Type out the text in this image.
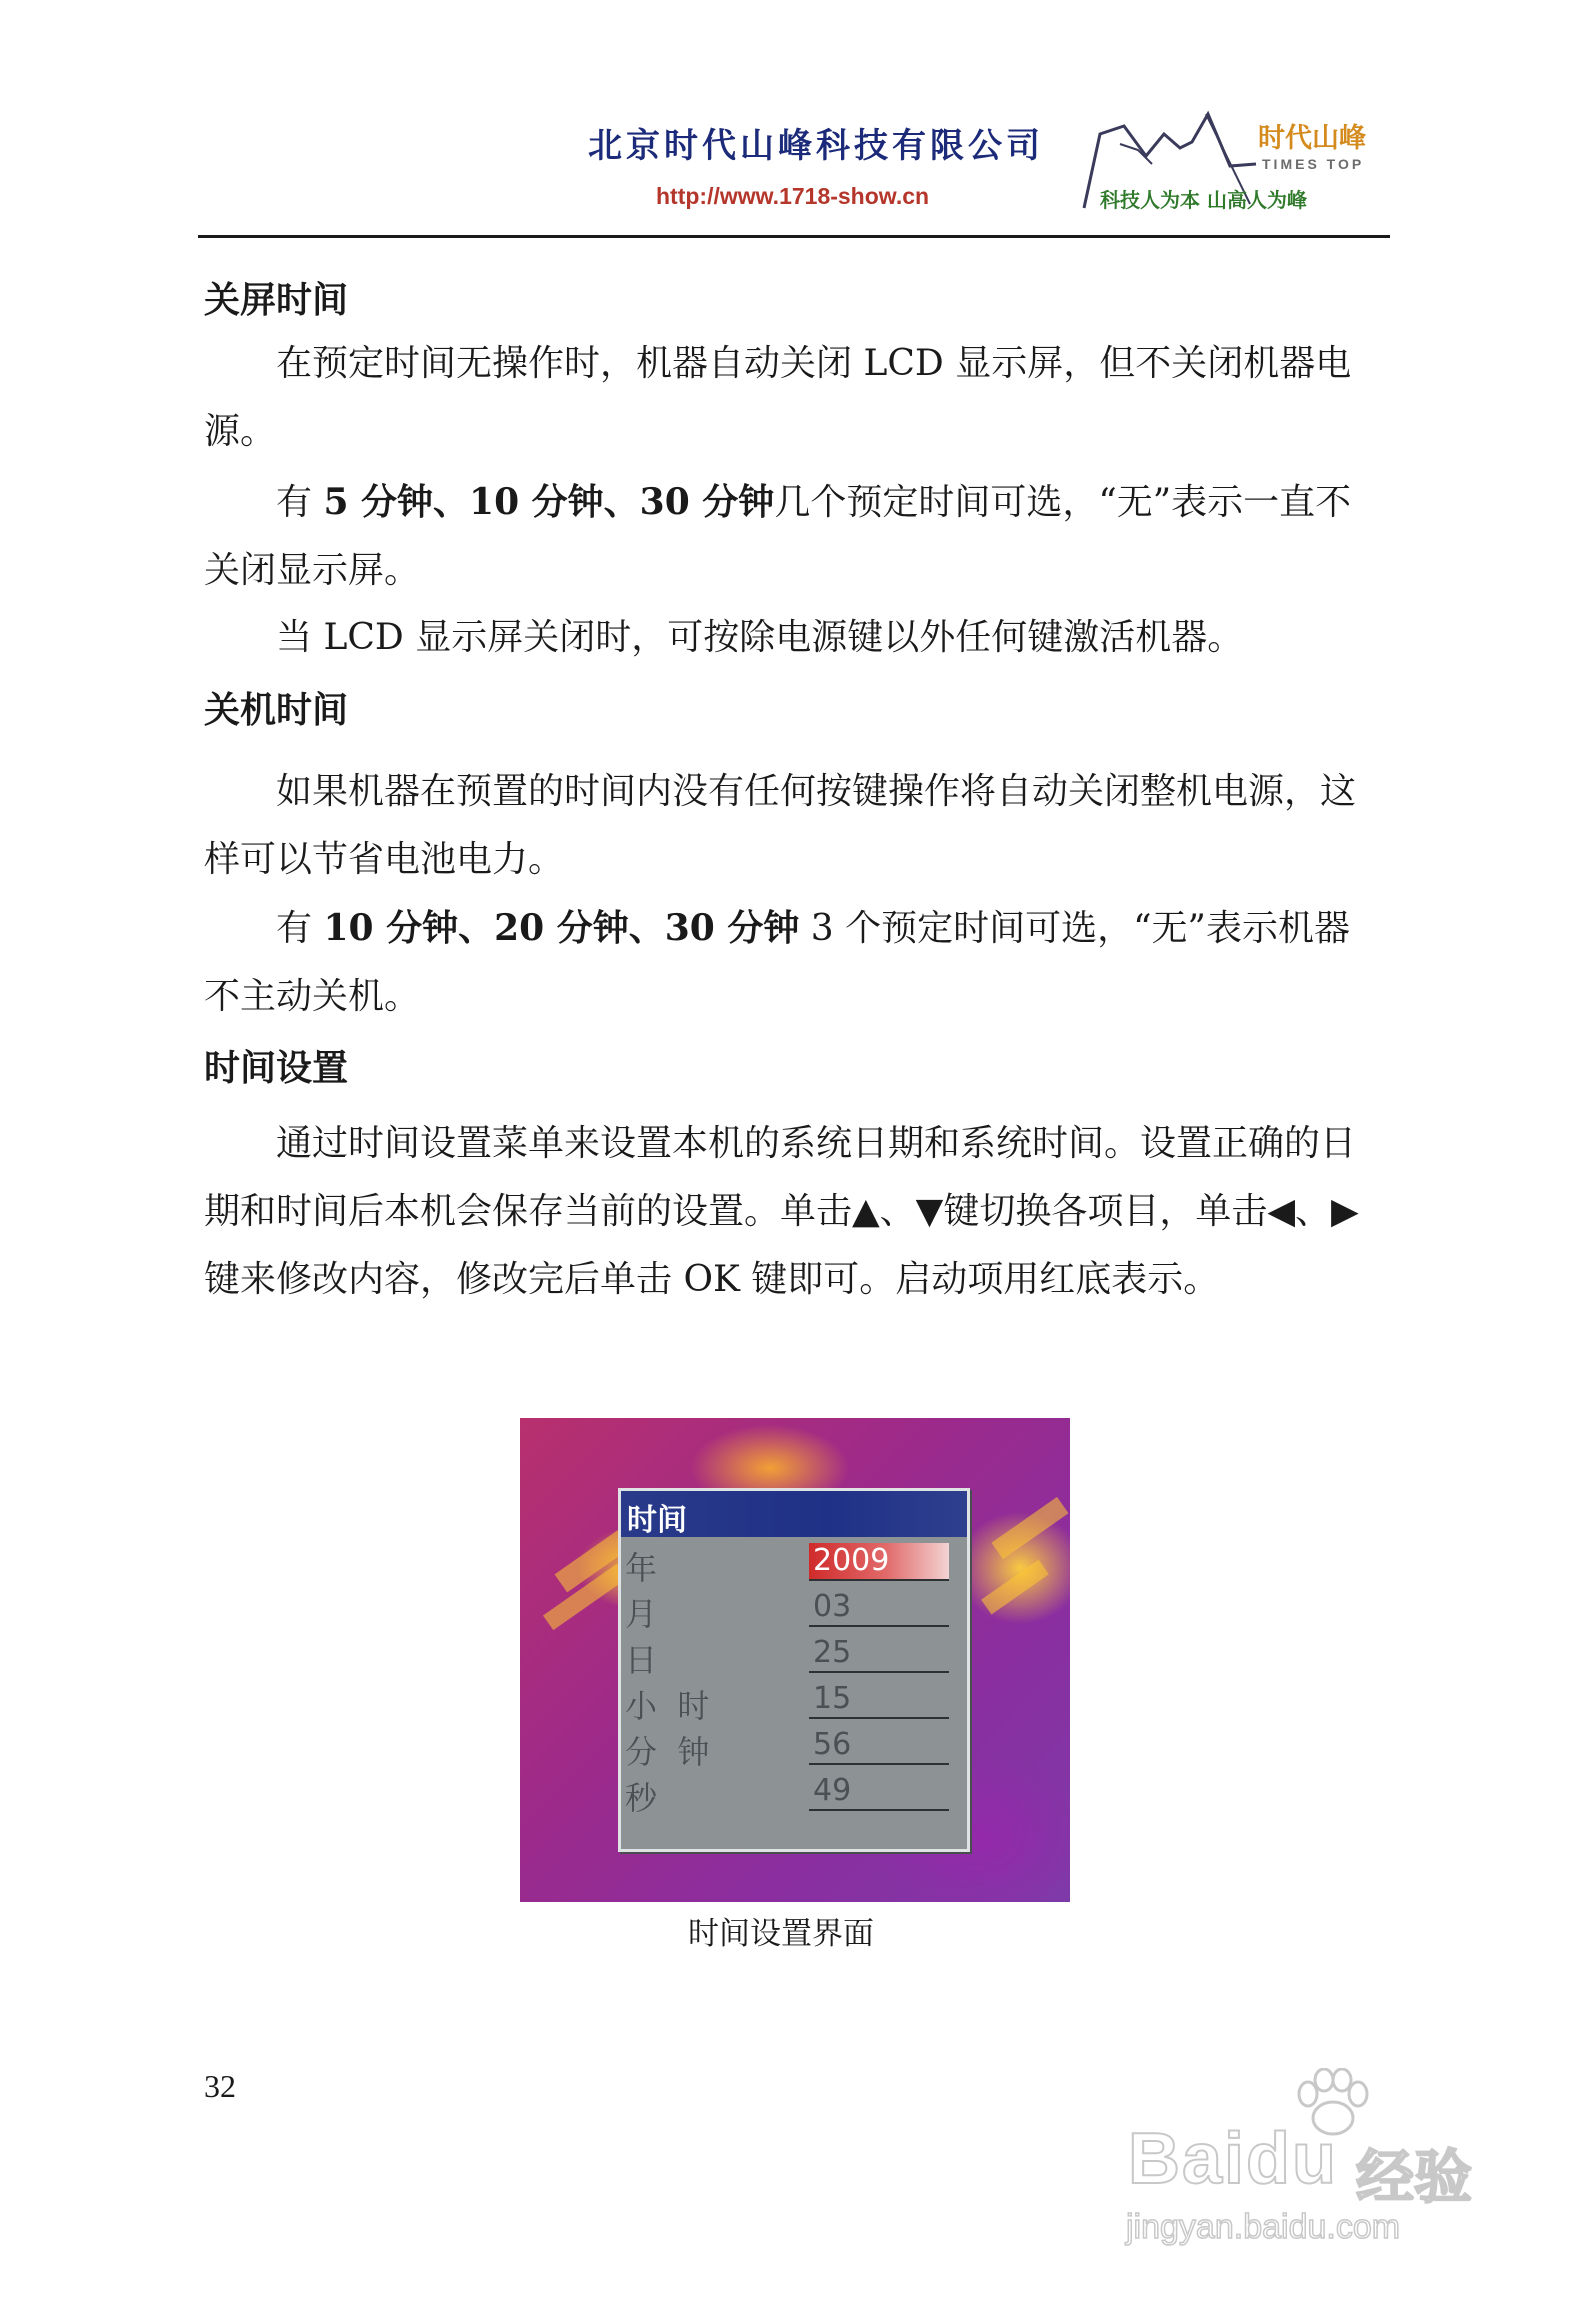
北京时代山峰科技有限公司
http://www.1718-show.cn
时代山峰
TIMES TOP
科技人为本 山高人为峰
关屏时间

在预定时间无操作时，机器自动关闭 LCD 显示屏，但不关闭机器电源。

有 5 分钟、10 分钟、30 分钟几个预定时间可选，“无”表示一直不关闭显示屏。

当 LCD 显示屏关闭时，可按除电源键以外任何键激活机器。

关机时间

如果机器在预置的时间内没有任何按键操作将自动关闭整机电源，这样可以节省电池电力。

有 10 分钟、20 分钟、30 分钟 3 个预定时间可选，“无”表示机器不主动关机。

时间设置

通过时间设置菜单来设置本机的系统日期和系统时间。设置正确的日期和时间后本机会保存当前的设置。单击▲、▼键切换各项目，单击◀、▶键来修改内容，修改完后单击 OK 键即可。启动项用红底表示。

时间
年	2009
月	03
日	25
小  时	15
分  钟	56
秒	49
时间设置界面
32
Baidu 经验
jingyan.baidu.com
